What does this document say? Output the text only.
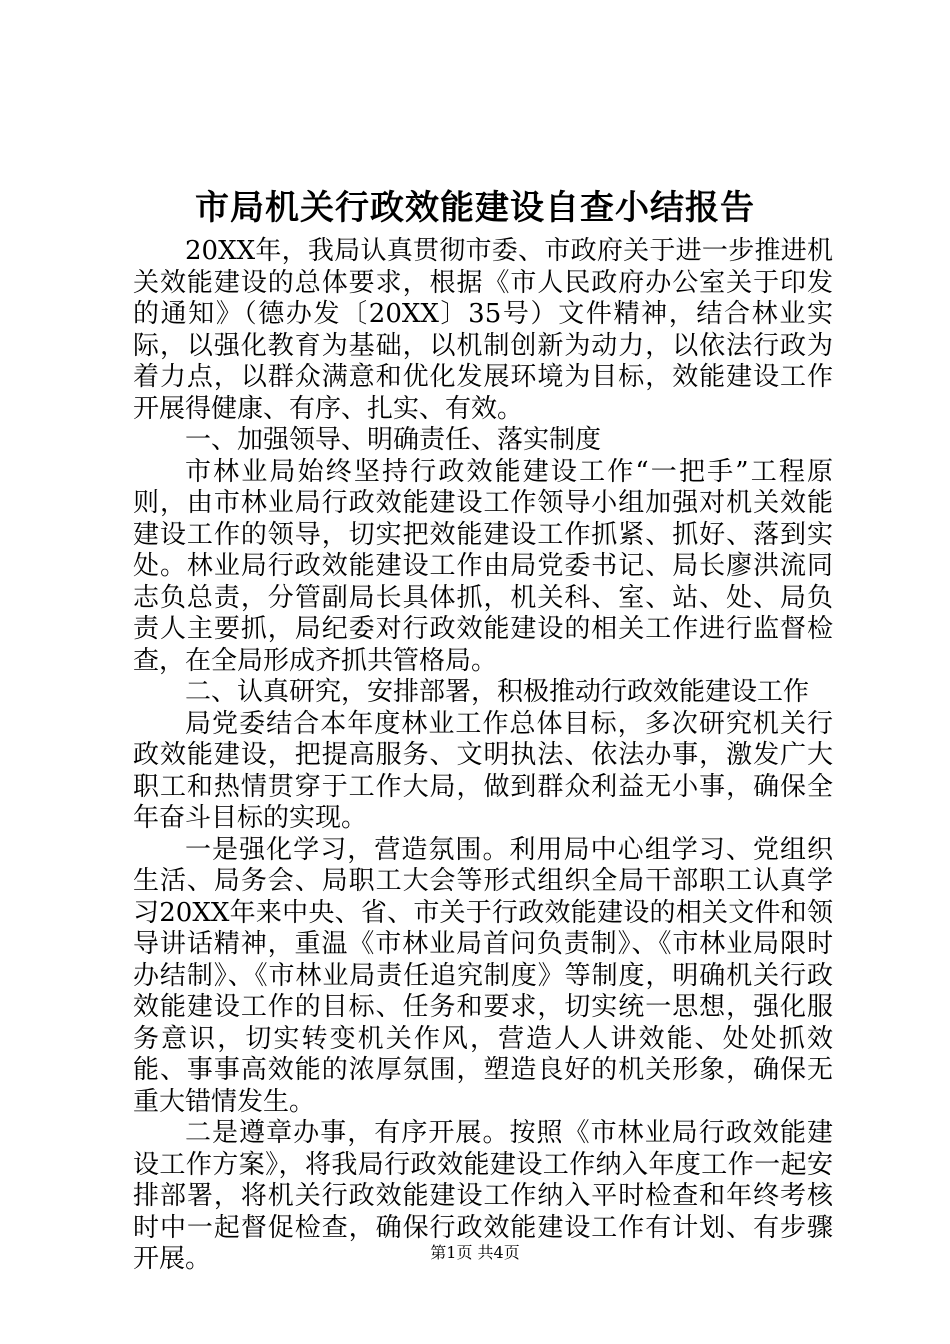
市局机关行政效能建设自查小结报告

20XX年，我局认真贯彻市委、市政府关于进一步推进机关效能建设的总体要求，根据《市人民政府办公室关于印发的通知》（德办发〔20XX〕35号）文件精神，结合林业实际，以强化教育为基础，以机制创新为动力，以依法行政为着力点，以群众满意和优化发展环境为目标，效能建设工作开展得健康、有序、扎实、有效。

一、加强领导、明确责任、落实制度

市林业局始终坚持行政效能建设工作“一把手”工程原则，由市林业局行政效能建设工作领导小组加强对机关效能建设工作的领导，切实把效能建设工作抓紧、抓好、落到实处。林业局行政效能建设工作由局党委书记、局长廖洪流同志负总责，分管副局长具体抓，机关科、室、站、处、局负责人主要抓，局纪委对行政效能建设的相关工作进行监督检查，在全局形成齐抓共管格局。

二、认真研究，安排部署，积极推动行政效能建设工作

局党委结合本年度林业工作总体目标，多次研究机关行政效能建设，把提高服务、文明执法、依法办事，激发广大职工和热情贯穿于工作大局，做到群众利益无小事，确保全年奋斗目标的实现。

一是强化学习，营造氛围。利用局中心组学习、党组织生活、局务会、局职工大会等形式组织全局干部职工认真学习20XX年来中央、省、市关于行政效能建设的相关文件和领导讲话精神，重温《市林业局首问负责制》、《市林业局限时办结制》、《市林业局责任追究制度》等制度，明确机关行政效能建设工作的目标、任务和要求，切实统一思想，强化服务意识，切实转变机关作风，营造人人讲效能、处处抓效能、事事高效能的浓厚氛围，塑造良好的机关形象，确保无重大错情发生。

二是遵章办事，有序开展。按照《市林业局行政效能建设工作方案》，将我局行政效能建设工作纳入年度工作一起安排部署，将机关行政效能建设工作纳入平时检查和年终考核时中一起督促检查，确保行政效能建设工作有计划、有步骤开展。	第1页 共4页
